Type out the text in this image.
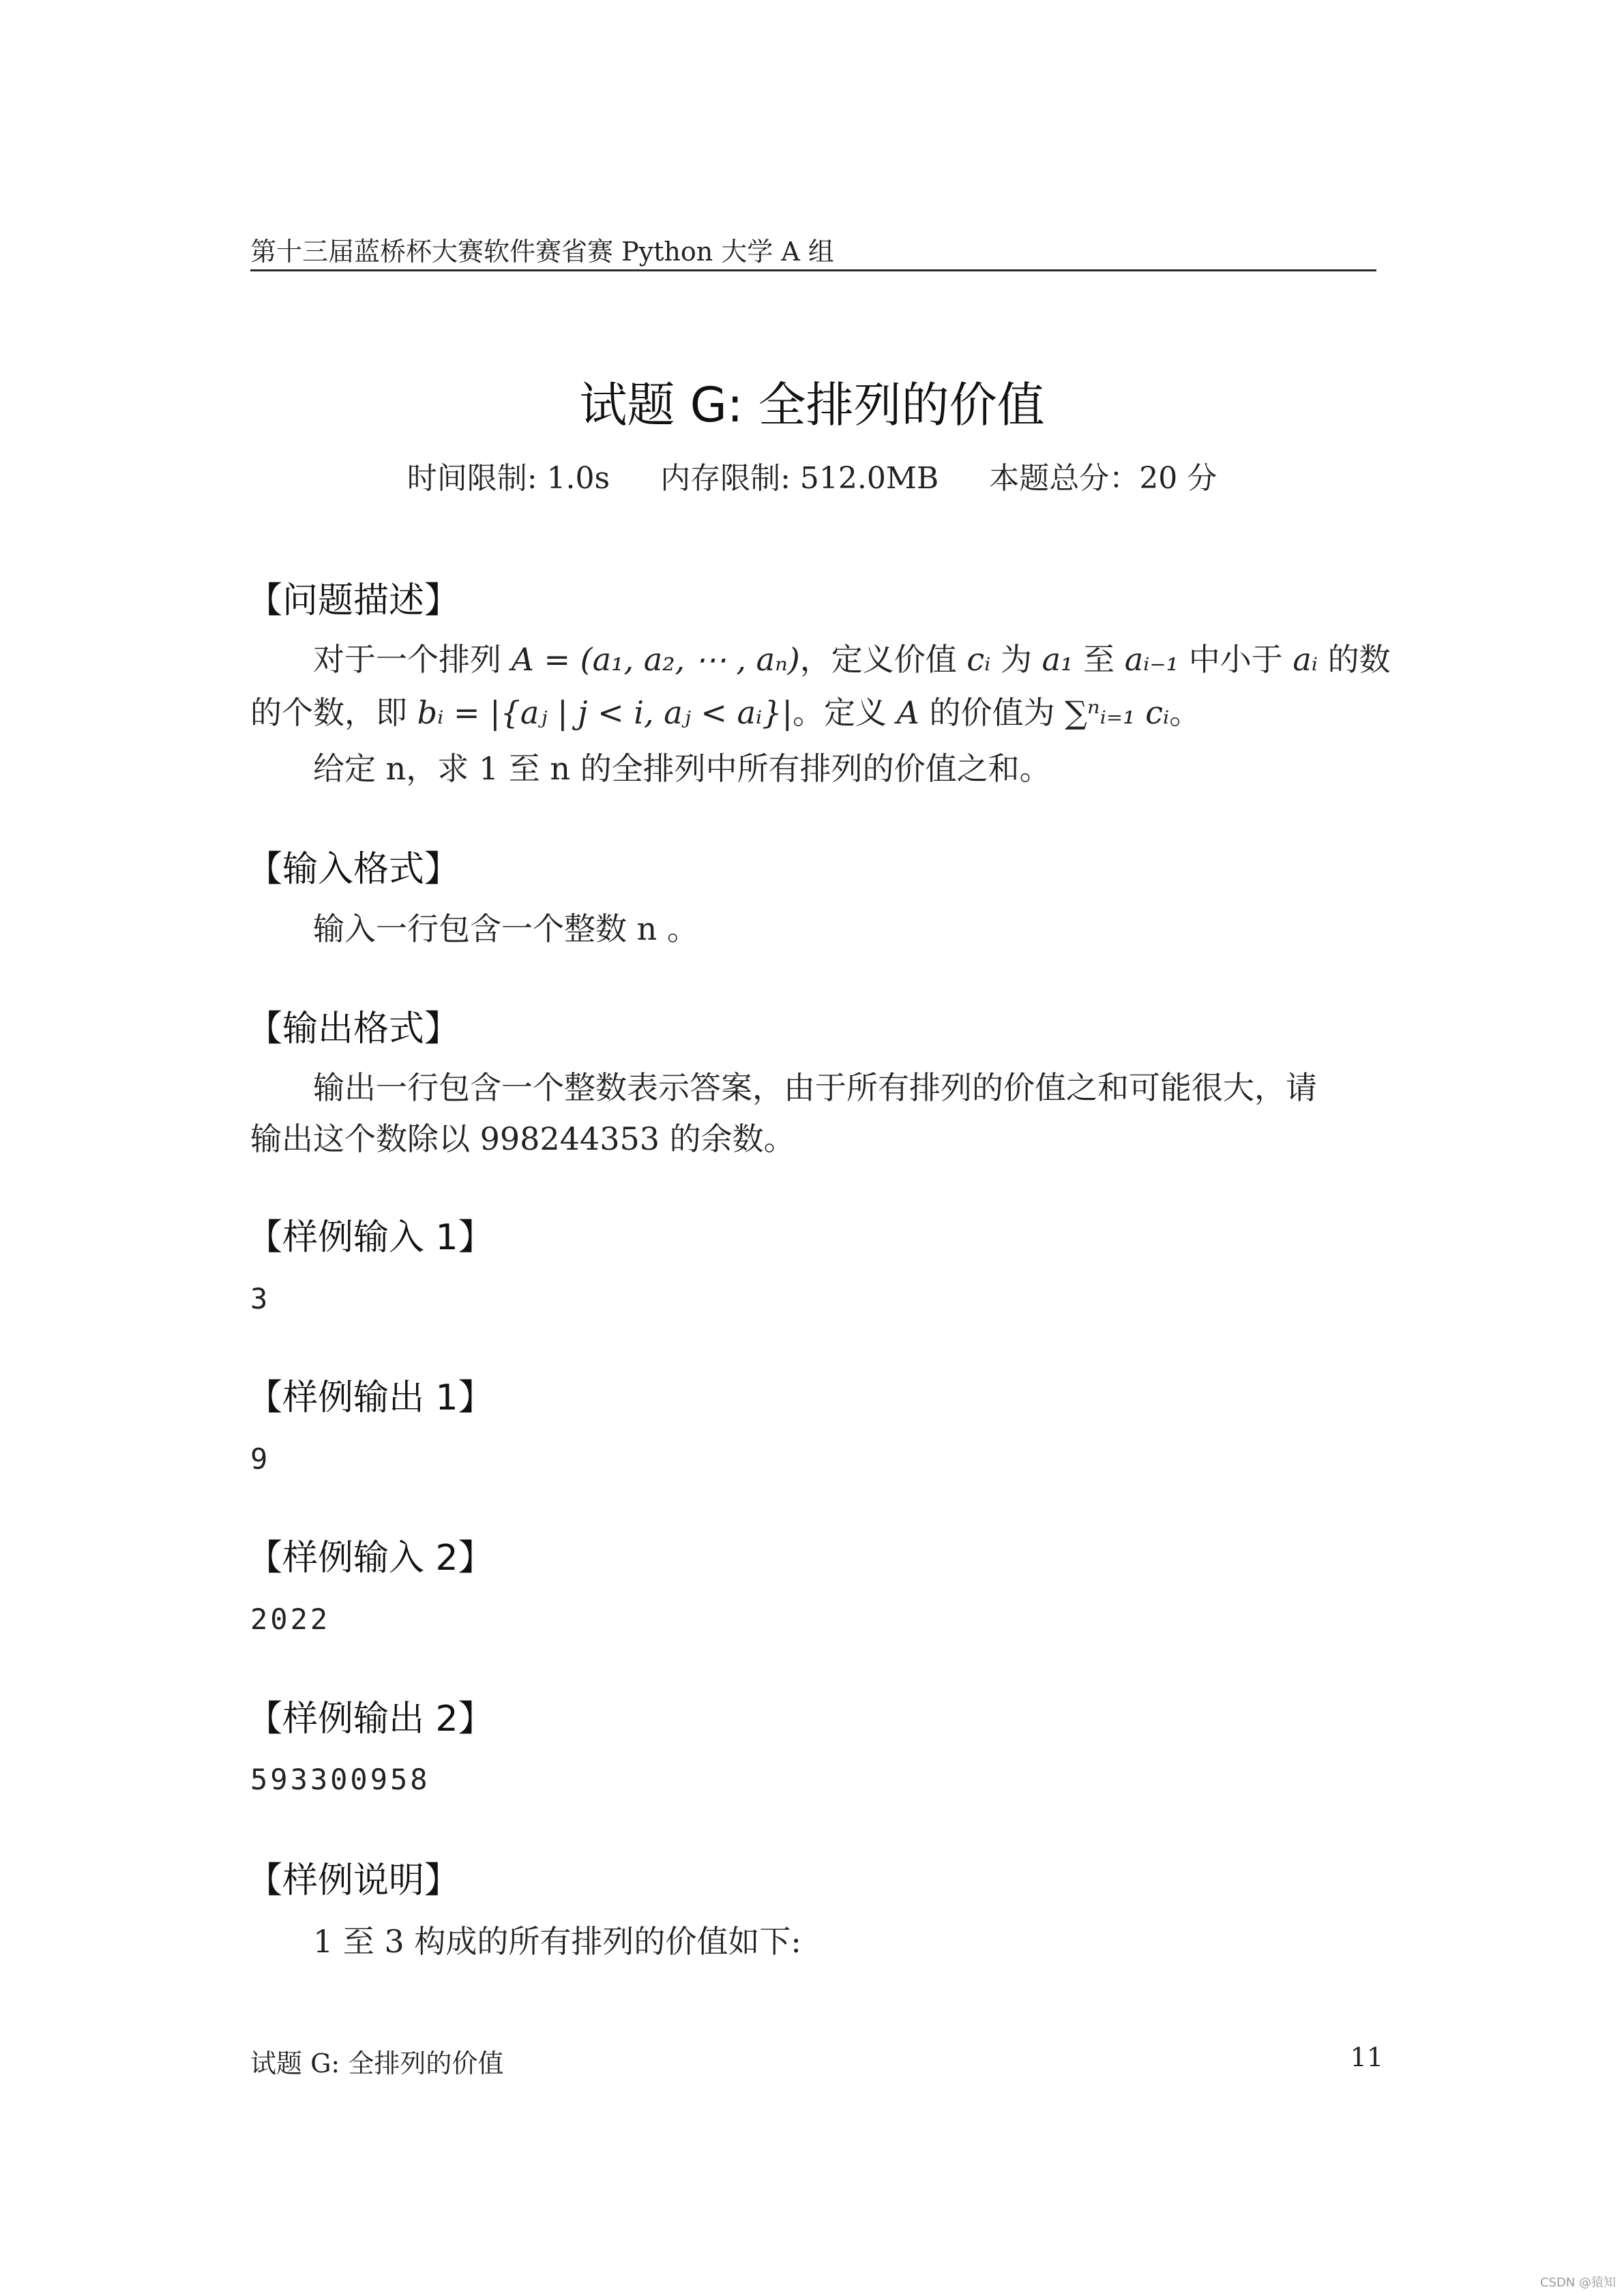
第十三届蓝桥杯大赛软件赛省赛 Python 大学 A 组
试题 G: 全排列的价值
时间限制: 1.0s 内存限制: 512.0MB 本题总分：20 分
【问题描述】
对于一个排列 A = (a₁, a₂, ⋯ , aₙ)，定义价值 cᵢ 为 a₁ 至 aᵢ₋₁ 中小于 aᵢ 的数
的个数，即 bᵢ = |{aⱼ | j < i, aⱼ < aᵢ}|。定义 A 的价值为 ∑ⁿᵢ₌₁ cᵢ。
给定 n，求 1 至 n 的全排列中所有排列的价值之和。
【输入格式】
输入一行包含一个整数 n 。
【输出格式】
输出一行包含一个整数表示答案，由于所有排列的价值之和可能很大，请
输出这个数除以 998244353 的余数。
【样例输入 1】
3
【样例输出 1】
9
【样例输入 2】
2022
【样例输出 2】
593300958
【样例说明】
1 至 3 构成的所有排列的价值如下:
试题 G: 全排列的价值	11
CSDN @猿知
